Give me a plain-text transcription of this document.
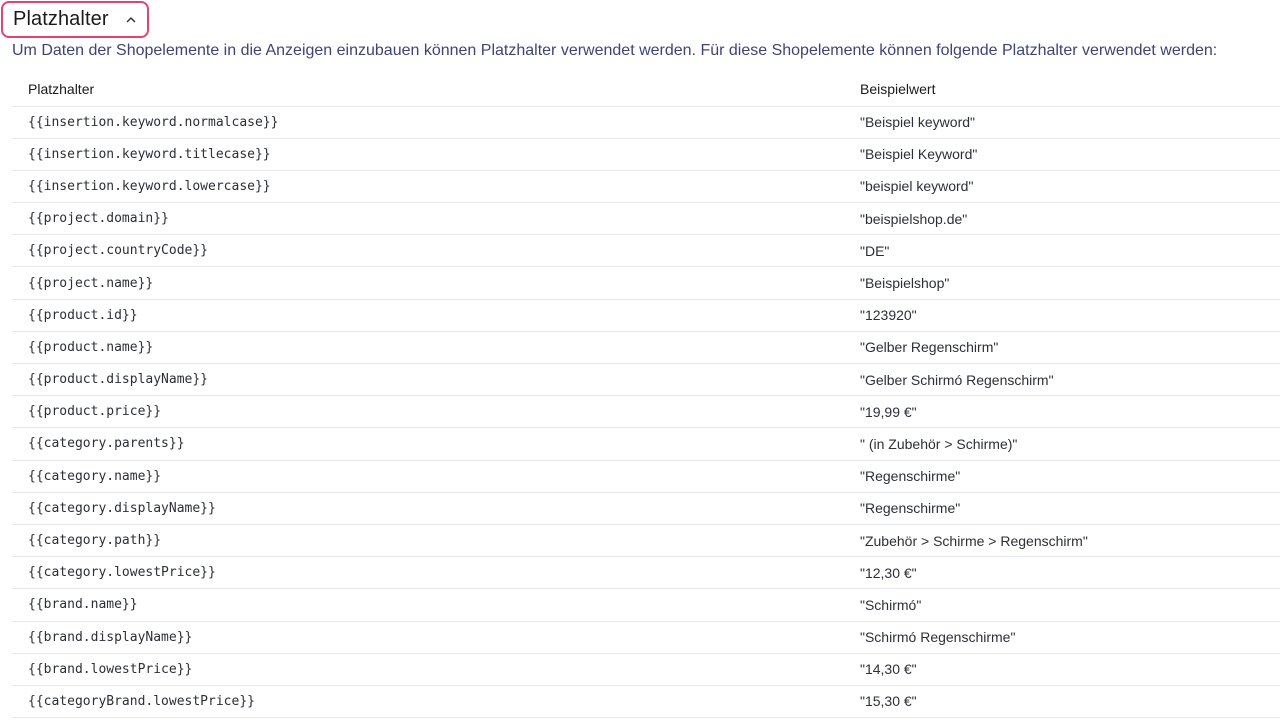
Platzhalter
Um Daten der Shopelemente in die Anzeigen einzubauen können Platzhalter verwendet werden. Für diese Shopelemente können folgende Platzhalter verwendet werden:
Platzhalter	Beispielwert
{{insertion.keyword.normalcase}}	"Beispiel keyword"
{{insertion.keyword.titlecase}}	"Beispiel Keyword"
{{insertion.keyword.lowercase}}	"beispiel keyword"
{{project.domain}}	"beispielshop.de"
{{project.countryCode}}	"DE"
{{project.name}}	"Beispielshop"
{{product.id}}	"123920"
{{product.name}}	"Gelber Regenschirm"
{{product.displayName}}	"Gelber Schirmó Regenschirm"
{{product.price}}	"19,99 €"
{{category.parents}}	" (in Zubehör > Schirme)"
{{category.name}}	"Regenschirme"
{{category.displayName}}	"Regenschirme"
{{category.path}}	"Zubehör > Schirme > Regenschirm"
{{category.lowestPrice}}	"12,30 €"
{{brand.name}}	"Schirmó"
{{brand.displayName}}	"Schirmó Regenschirme"
{{brand.lowestPrice}}	"14,30 €"
{{categoryBrand.lowestPrice}}	"15,30 €"
